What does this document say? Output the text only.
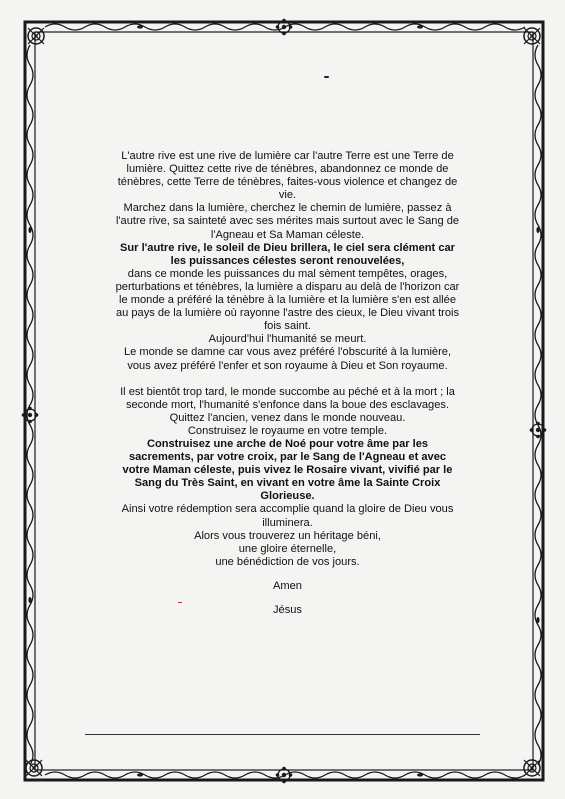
L'autre rive est une rive de lumière car l'autre Terre est une Terre de lumière. Quittez cette rive de ténèbres, abandonnez ce monde de ténèbres, cette Terre de ténèbres, faites-vous violence et changez de vie.

Marchez dans la lumière, cherchez le chemin de lumière, passez à l'autre rive, sa sainteté avec ses mérites mais surtout avec le Sang de l'Agneau et Sa Maman céleste.

Sur l'autre rive, le soleil de Dieu brillera, le ciel sera clément car les puissances célestes seront renouvelées,

dans ce monde les puissances du mal sèment tempêtes, orages, perturbations et ténèbres, la lumière a disparu au delà de l'horizon car le monde a préféré la ténèbre à la lumière et la lumière s'en est allée au pays de la lumière où rayonne l'astre des cieux, le Dieu vivant trois fois saint.

Aujourd'hui l'humanité se meurt.

Le monde se damne car vous avez préféré l'obscurité à la lumière, vous avez préféré l'enfer et son royaume à Dieu et Son royaume.

Il est bientôt trop tard, le monde succombe au péché et à la mort ; la seconde mort, l'humanité s'enfonce dans la boue des esclavages.

Quittez l'ancien, venez dans le monde nouveau.

Construisez le royaume en votre temple.

Construisez une arche de Noé pour votre âme par les sacrements, par votre croix, par le Sang de l'Agneau et avec votre Maman céleste, puis vivez le Rosaire vivant, vivifié par le Sang du Très Saint, en vivant en votre âme la Sainte Croix Glorieuse.

Ainsi votre rédemption sera accomplie quand la gloire de Dieu vous illuminera.

Alors vous trouverez un héritage béni,

une gloire éternelle,

une bénédiction de vos jours.

Amen

Jésus
